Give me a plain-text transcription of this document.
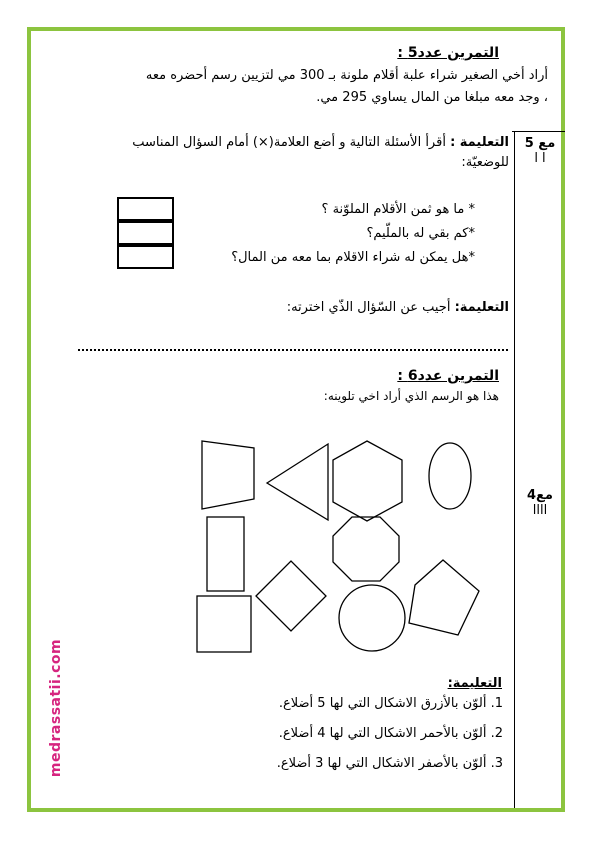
التمرين عدد5 :
أراد أخي الصغير شراء علبة أقلام ملونة بـ 300 مي لتزيين رسم أحضره معه
، وجد معه مبلغا من المال يساوي 295 مي.
مع 5
ا ا
التعليمة : أقرأ الأسئلة التالية و أضع العلامة(×) أمام السؤال المناسب
للوضعيّة:
* ما هو ثمن الأقلام الملوّنة ؟
*كم بقي له بالملّيم؟
*هل يمكن له شراء الاقلام بما معه من المال؟
التعليمة: أجيب عن السّؤال الذّي اخترته:
التمرين عدد6 :
هذا هو الرسم الذي أراد اخي تلوينه:
مع4
اااا
التعليمة:
1. ألوّن بالأزرق الاشكال التي لها 5 أضلاع.
2. ألوّن بالأحمر الاشكال التي لها 4 أضلاع.
3. ألوّن بالأصفر الاشكال التي لها 3 أضلاع.
medrassatii.com
